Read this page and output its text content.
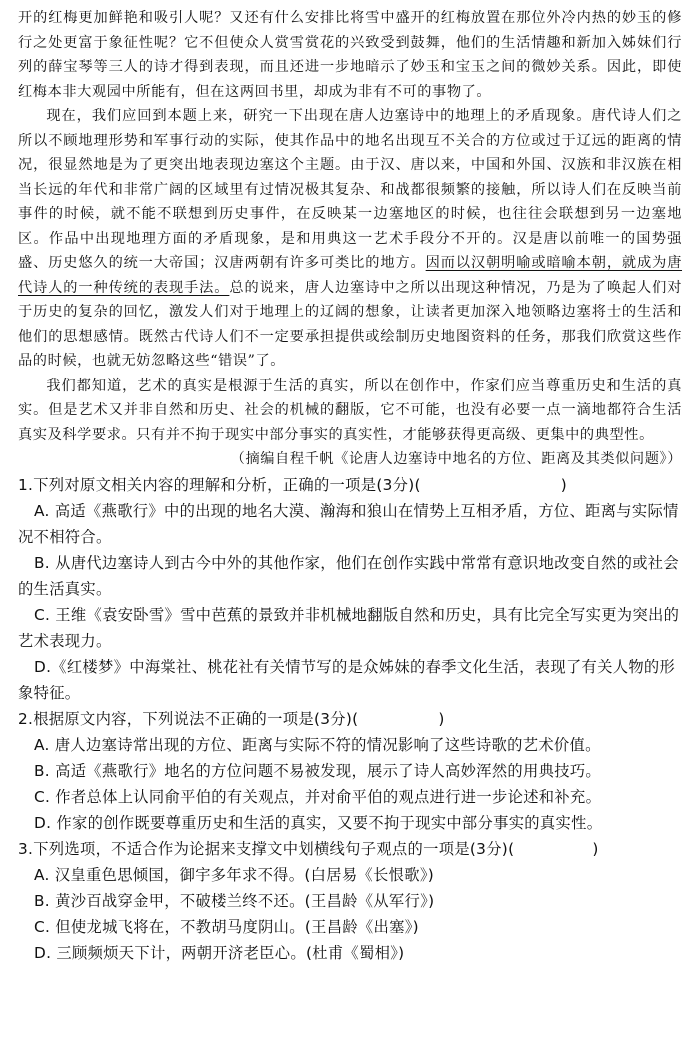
开的红梅更加鲜艳和吸引人呢？又还有什么安排比将雪中盛开的红梅放置在那位外冷内热的妙玉的修行之处更富于象征性呢？它不但使众人赏雪赏花的兴致受到鼓舞，他们的生活情趣和新加入姊妹们行列的薛宝琴等三人的诗才得到表现，而且还进一步地暗示了妙玉和宝玉之间的微妙关系。因此，即使红梅本非大观园中所能有，但在这两回书里，却成为非有不可的事物了。

现在，我们应回到本题上来，研究一下出现在唐人边塞诗中的地理上的矛盾现象。唐代诗人们之所以不顾地理形势和军事行动的实际，使其作品中的地名出现互不关合的方位或过于辽远的距离的情况，很显然地是为了更突出地表现边塞这个主题。由于汉、唐以来，中国和外国、汉族和非汉族在相当长远的年代和非常广阔的区域里有过情况极其复杂、和战都很频繁的接触，所以诗人们在反映当前事件的时候，就不能不联想到历史事件，在反映某一边塞地区的时候，也往往会联想到另一边塞地区。作品中出现地理方面的矛盾现象，是和用典这一艺术手段分不开的。汉是唐以前唯一的国势强盛、历史悠久的统一大帝国；汉唐两朝有许多可类比的地方。因而以汉朝明喻或暗喻本朝，就成为唐代诗人的一种传统的表现手法。总的说来，唐人边塞诗中之所以出现这种情况，乃是为了唤起人们对于历史的复杂的回忆，激发人们对于地理上的辽阔的想象，让读者更加深入地领略边塞将士的生活和他们的思想感情。既然古代诗人们不一定要承担提供或绘制历史地图资料的任务，那我们欣赏这些作品的时候，也就无妨忽略这些“错误”了。

我们都知道，艺术的真实是根源于生活的真实，所以在创作中，作家们应当尊重历史和生活的真实。但是艺术又并非自然和历史、社会的机械的翻版，它不可能，也没有必要一点一滴地都符合生活真实及科学要求。只有并不拘于现实中部分事实的真实性，才能够获得更高级、更集中的典型性。

（摘编自程千帆《论唐人边塞诗中地名的方位、距离及其类似问题》）

1.下列对原文相关内容的理解和分析，正确的一项是(3分)(	)

A. 高适《燕歌行》中的出现的地名大漠、瀚海和狼山在情势上互相矛盾，方位、距离与实际情况不相符合。

B. 从唐代边塞诗人到古今中外的其他作家，他们在创作实践中常常有意识地改变自然的或社会的生活真实。

C. 王维《袁安卧雪》雪中芭蕉的景致并非机械地翻版自然和历史，具有比完全写实更为突出的艺术表现力。

D.《红楼梦》中海棠社、桃花社有关情节写的是众姊妹的春季文化生活，表现了有关人物的形象特征。

2.根据原文内容，下列说法不正确的一项是(3分)(	)

A. 唐人边塞诗常出现的方位、距离与实际不符的情况影响了这些诗歌的艺术价值。

B. 高适《燕歌行》地名的方位问题不易被发现，展示了诗人高妙浑然的用典技巧。

C. 作者总体上认同俞平伯的有关观点，并对俞平伯的观点进行进一步论述和补充。

D. 作家的创作既要尊重历史和生活的真实，又要不拘于现实中部分事实的真实性。

3.下列选项，不适合作为论据来支撑文中划横线句子观点的一项是(3分)(	)

A. 汉皇重色思倾国，御宇多年求不得。(白居易《长恨歌》)

B. 黄沙百战穿金甲，不破楼兰终不还。(王昌龄《从军行》)

C. 但使龙城飞将在，不教胡马度阴山。(王昌龄《出塞》)

D. 三顾频烦天下计，两朝开济老臣心。(杜甫《蜀相》)
